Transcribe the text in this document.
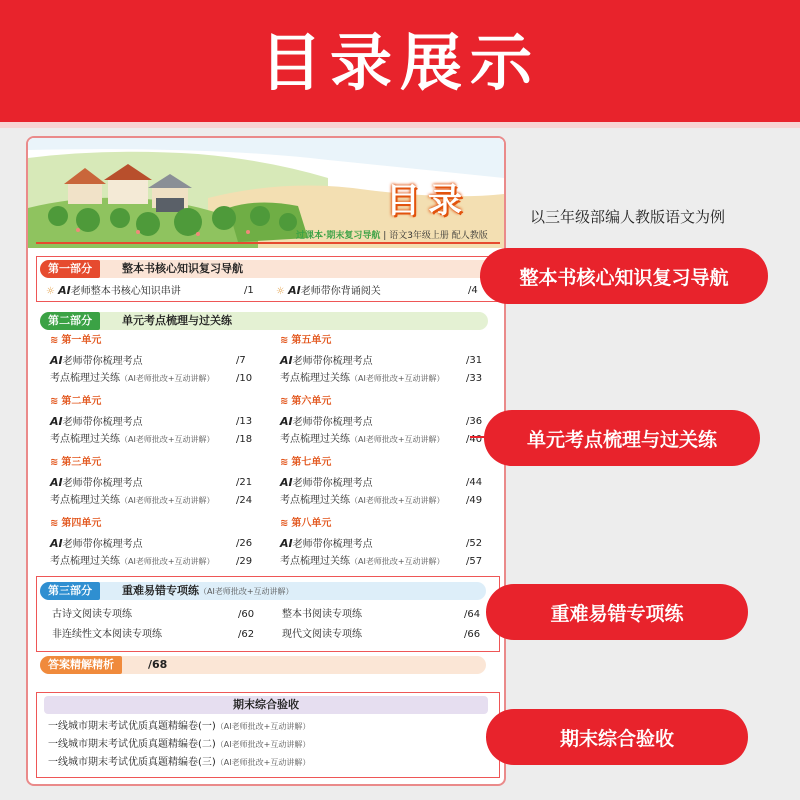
目录展示
以三年级部编人教版语文为例
目录
过课本·期末复习导航 | 语文3年级上册 配人教版
第一部分	整本书核心知识复习导航
☼ AI老师整本书核心知识串讲	/1 ☼ AI老师带你背诵阅关	/4
第二部分	单元考点梳理与过关练
≋ 第一单元
AI老师带你梳理考点	/7
考点梳理过关练（AI老师批改+互动讲解） /10
≋ 第二单元
AI老师带你梳理考点	/13
考点梳理过关练（AI老师批改+互动讲解） /18
≋ 第三单元
AI老师带你梳理考点	/21
考点梳理过关练（AI老师批改+互动讲解） /24
≋ 第四单元
AI老师带你梳理考点	/26
考点梳理过关练（AI老师批改+互动讲解） /29
≋ 第五单元
AI老师带你梳理考点	/31
考点梳理过关练（AI老师批改+互动讲解） /33
≋ 第六单元
AI老师带你梳理考点	/36
考点梳理过关练（AI老师批改+互动讲解） /40
≋ 第七单元
AI老师带你梳理考点	/44
考点梳理过关练（AI老师批改+互动讲解） /49
≋ 第八单元
AI老师带你梳理考点	/52
考点梳理过关练（AI老师批改+互动讲解） /57
第三部分	重难易错专项练（AI老师批改+互动讲解）
古诗文阅读专项练	/60	整本书阅读专项练	/64
非连续性文本阅读专项练	/62	现代文阅读专项练	/66
答案精解精析	/68
期末综合验收
一线城市期末考试优质真题精编卷(一)（AI老师批改+互动讲解）
一线城市期末考试优质真题精编卷(二)（AI老师批改+互动讲解）
一线城市期末考试优质真题精编卷(三)（AI老师批改+互动讲解）
整本书核心知识复习导航
单元考点梳理与过关练
重难易错专项练
期末综合验收
